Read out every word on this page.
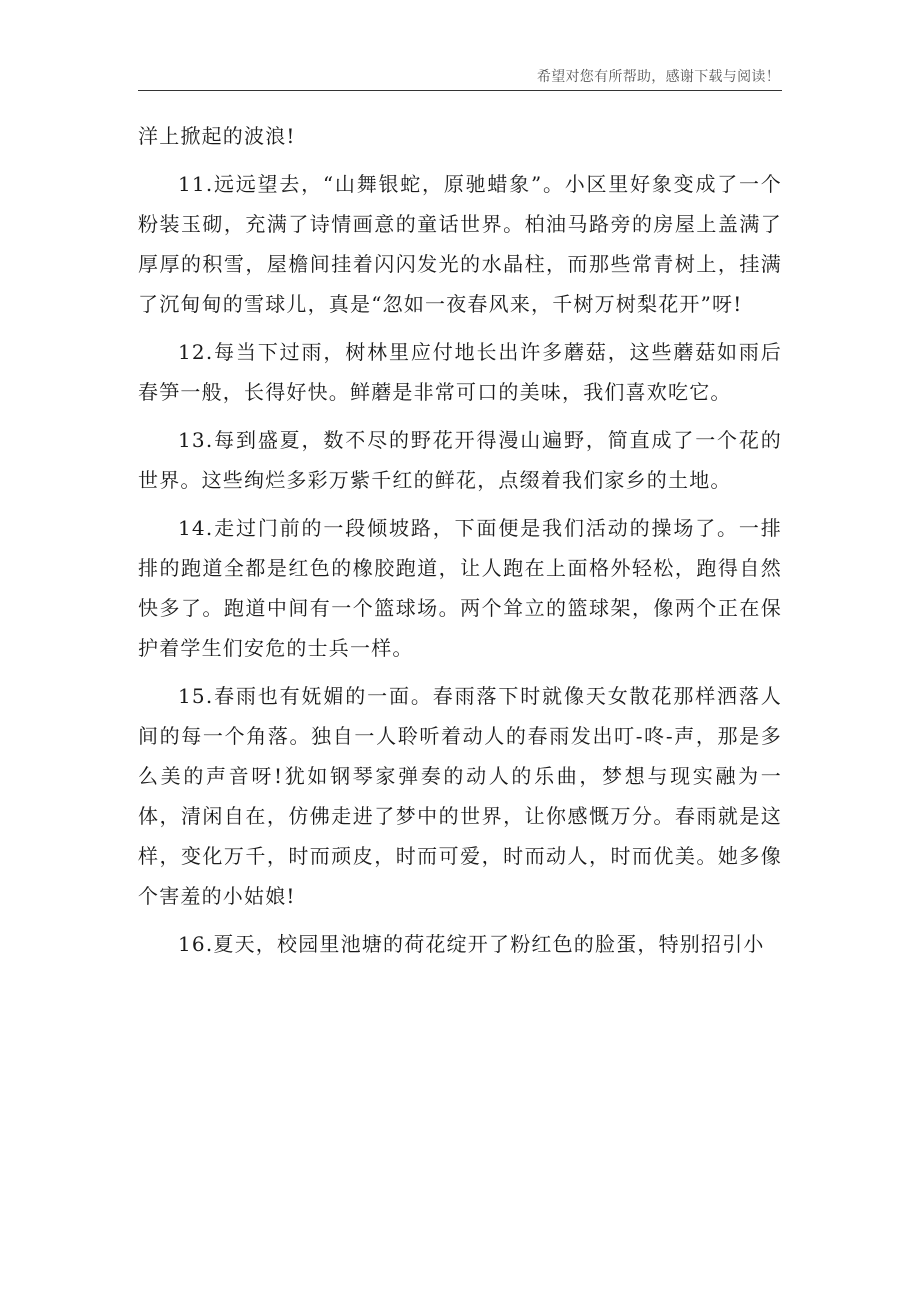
希望对您有所帮助，感谢下载与阅读！

洋上掀起的波浪!

11.远远望去，“山舞银蛇，原驰蜡象”。小区里好象变成了一个粉装玉砌，充满了诗情画意的童话世界。柏油马路旁的房屋上盖满了厚厚的积雪，屋檐间挂着闪闪发光的水晶柱，而那些常青树上，挂满了沉甸甸的雪球儿，真是“忽如一夜春风来，千树万树梨花开”呀!

12.每当下过雨，树林里应付地长出许多蘑菇，这些蘑菇如雨后春笋一般，长得好快。鲜蘑是非常可口的美味，我们喜欢吃它。

13.每到盛夏，数不尽的野花开得漫山遍野，简直成了一个花的世界。这些绚烂多彩万紫千红的鲜花，点缀着我们家乡的土地。

14.走过门前的一段倾坡路，下面便是我们活动的操场了。一排排的跑道全都是红色的橡胶跑道，让人跑在上面格外轻松，跑得自然快多了。跑道中间有一个篮球场。两个耸立的篮球架，像两个正在保护着学生们安危的士兵一样。

15.春雨也有妩媚的一面。春雨落下时就像天女散花那样洒落人间的每一个角落。独自一人聆听着动人的春雨发出叮-咚-声，那是多么美的声音呀!犹如钢琴家弹奏的动人的乐曲，梦想与现实融为一体，清闲自在，仿佛走进了梦中的世界，让你感慨万分。春雨就是这样，变化万千，时而顽皮，时而可爱，时而动人，时而优美。她多像个害羞的小姑娘!

16.夏天，校园里池塘的荷花绽开了粉红色的脸蛋，特别招引小
